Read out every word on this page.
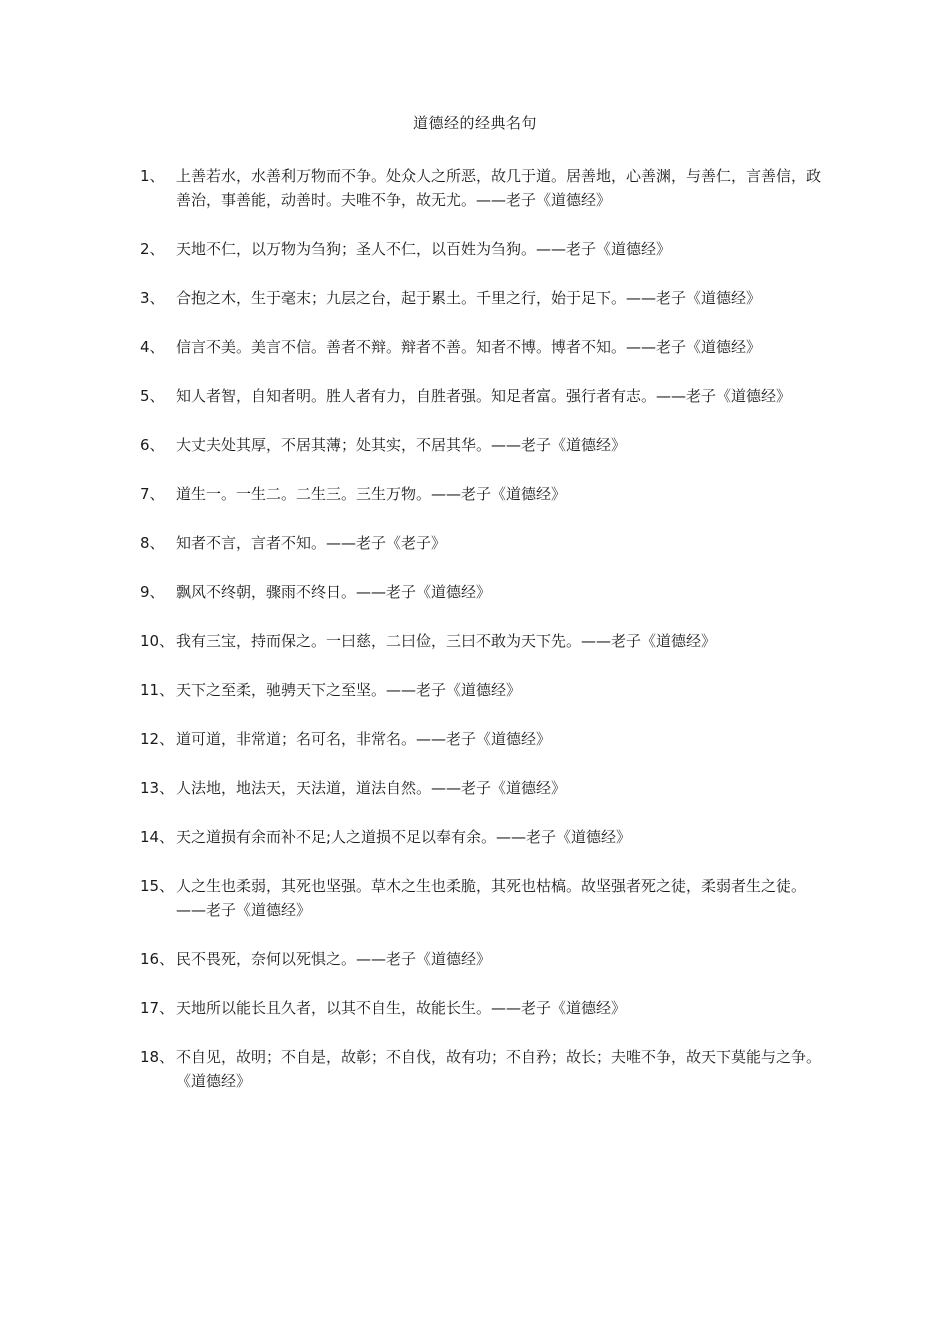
道德经的经典名句
1、 上善若水，水善利万物而不争。处众人之所恶，故几于道。居善地，心善渊，与善仁，言善信，政善治，事善能，动善时。夫唯不争，故无尤。——老子《道德经》
2、 天地不仁，以万物为刍狗；圣人不仁，以百姓为刍狗。——老子《道德经》
3、 合抱之木，生于毫末；九层之台，起于累土。千里之行，始于足下。——老子《道德经》
4、 信言不美。美言不信。善者不辩。辩者不善。知者不博。博者不知。——老子《道德经》
5、 知人者智，自知者明。胜人者有力，自胜者强。知足者富。强行者有志。——老子《道德经》
6、 大丈夫处其厚，不居其薄；处其实，不居其华。——老子《道德经》
7、 道生一。一生二。二生三。三生万物。——老子《道德经》
8、 知者不言，言者不知。——老子《老子》
9、 飘风不终朝，骤雨不终日。——老子《道德经》
10、 我有三宝，持而保之。一曰慈，二曰俭，三曰不敢为天下先。——老子《道德经》
11、 天下之至柔，驰骋天下之至坚。——老子《道德经》
12、 道可道，非常道；名可名，非常名。——老子《道德经》
13、 人法地，地法天，天法道，道法自然。——老子《道德经》
14、 天之道损有余而补不足;人之道损不足以奉有余。——老子《道德经》
15、 人之生也柔弱，其死也坚强。草木之生也柔脆，其死也枯槁。故坚强者死之徒，柔弱者生之徒。——老子《道德经》
16、 民不畏死，奈何以死惧之。——老子《道德经》
17、 天地所以能长且久者，以其不自生，故能长生。——老子《道德经》
18、 不自见，故明；不自是，故彰；不自伐，故有功；不自矜；故长；夫唯不争，故天下莫能与之争。《道德经》
